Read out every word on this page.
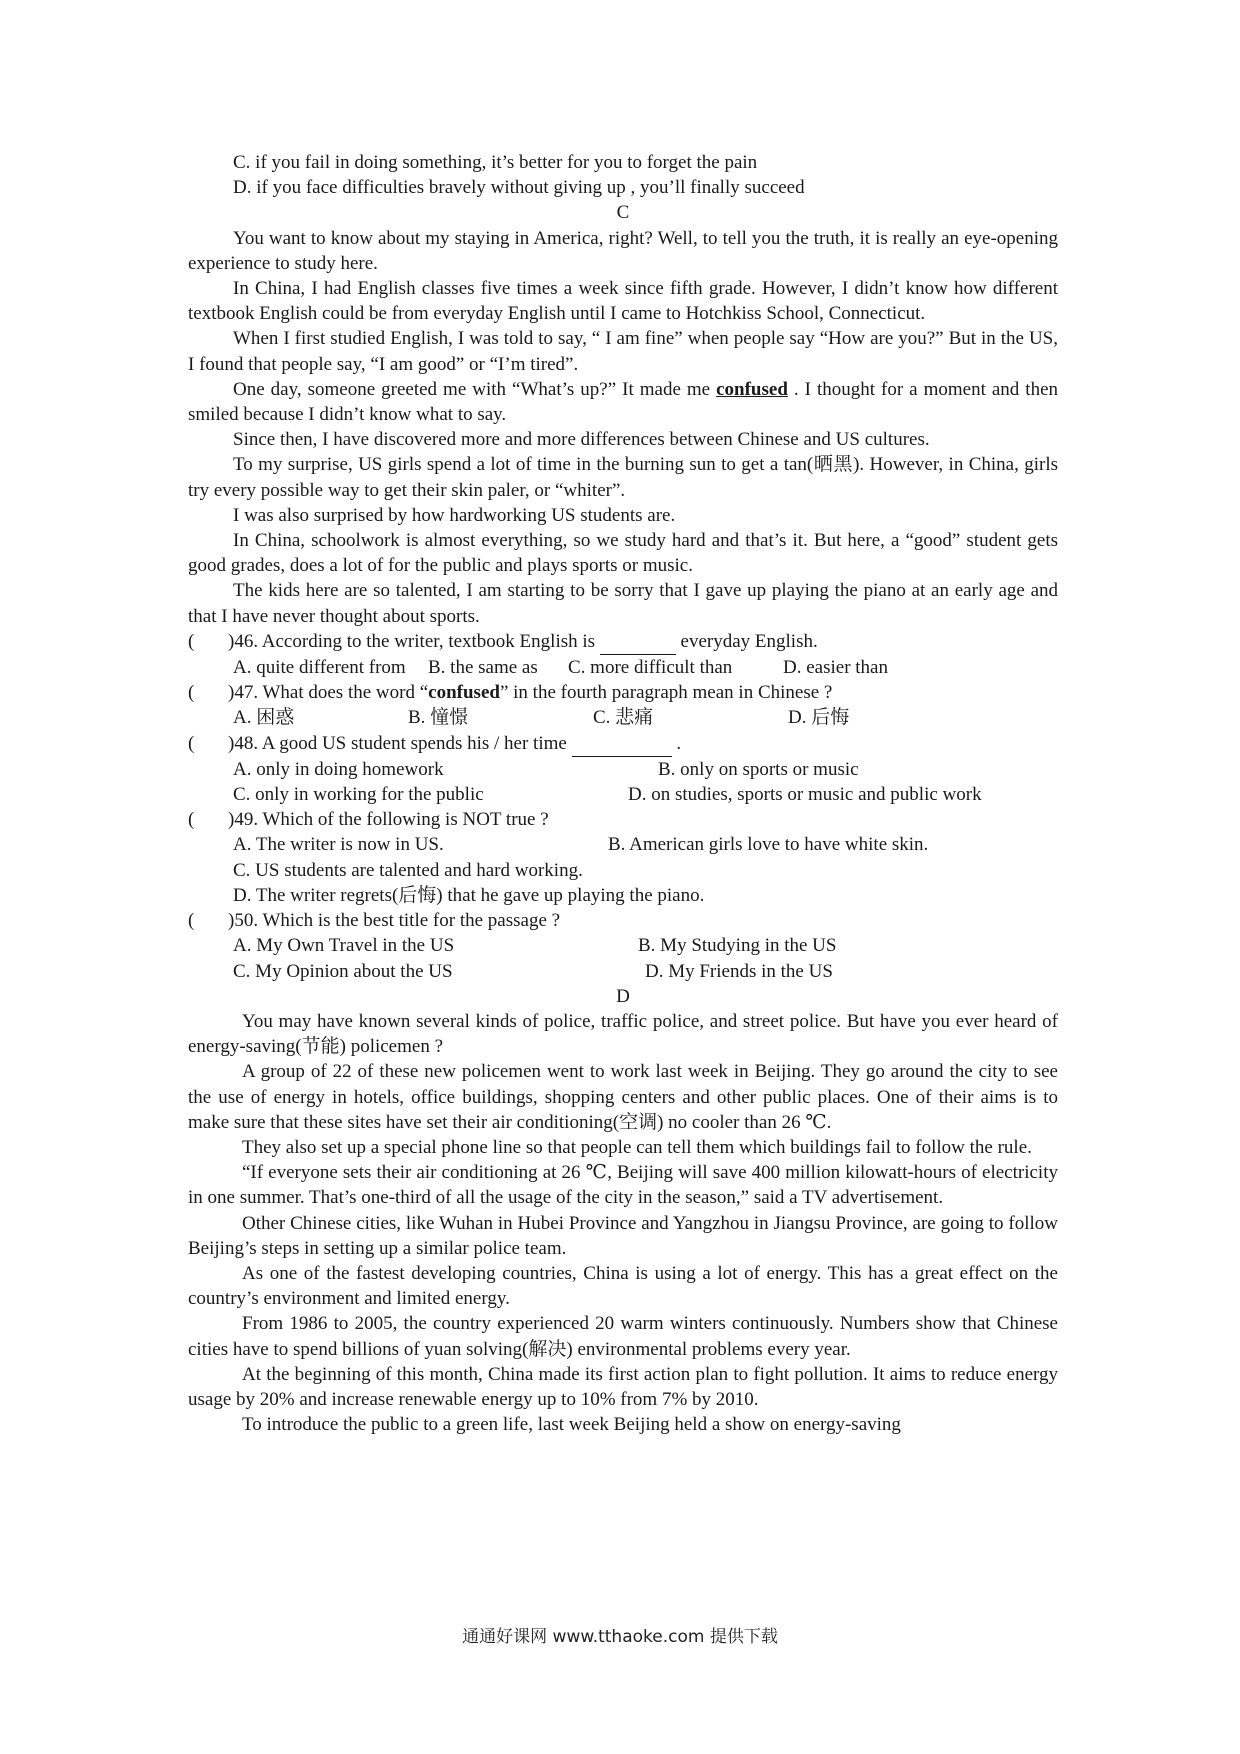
C. if you fail in doing something, it’s better for you to forget the pain
D. if you face difficulties bravely without giving up , you’ll finally succeed
C
You want to know about my staying in America, right? Well, to tell you the truth, it is really an eye-opening experience to study here.
In China, I had English classes five times a week since fifth grade. However, I didn’t know how different textbook English could be from everyday English until I came to Hotchkiss School, Connecticut.
When I first studied English, I was told to say, “ I am fine” when people say “How are you?” But in the US, I found that people say, “I am good” or “I’m tired”.
One day, someone greeted me with “What’s up?” It made me confused . I thought for a moment and then smiled because I didn’t know what to say.
Since then, I have discovered more and more differences between Chinese and US cultures.
To my surprise, US girls spend a lot of time in the burning sun to get a tan(晒黑). However, in China, girls try every possible way to get their skin paler, or “whiter”.
I was also surprised by how hardworking US students are.
In China, schoolwork is almost everything, so we study hard and that’s it. But here, a “good” student gets good grades, does a lot of for the public and plays sports or music.
The kids here are so talented, I am starting to be sorry that I gave up playing the piano at an early age and that I have never thought about sports.
(	)46. According to the writer, textbook English is	everyday English.
A. quite different from	B. the same as	C. more difficult than	D. easier than
(	)47. What does the word “confused” in the fourth paragraph mean in Chinese ?
A. 困惑	B. 憧憬	C. 悲痛	D. 后悔
(	)48. A good US student spends his / her time	.
A. only in doing homework	B. only on sports or music
C. only in working for the public	D. on studies, sports or music and public work
(	)49. Which of the following is NOT true ?
A. The writer is now in US.	B. American girls love to have white skin.
C. US students are talented and hard working.
D. The writer regrets(后悔) that he gave up playing the piano.
(	)50. Which is the best title for the passage ?
A. My Own Travel in the US	B. My Studying in the US
C. My Opinion about the US	D. My Friends in the US
D
You may have known several kinds of police, traffic police, and street police. But have you ever heard of energy-saving(节能) policemen ?
A group of 22 of these new policemen went to work last week in Beijing. They go around the city to see the use of energy in hotels, office buildings, shopping centers and other public places. One of their aims is to make sure that these sites have set their air conditioning(空调) no cooler than 26 ℃.
They also set up a special phone line so that people can tell them which buildings fail to follow the rule.
“If everyone sets their air conditioning at 26 ℃, Beijing will save 400 million kilowatt-hours of electricity in one summer. That’s one-third of all the usage of the city in the season,” said a TV advertisement.
Other Chinese cities, like Wuhan in Hubei Province and Yangzhou in Jiangsu Province, are going to follow Beijing’s steps in setting up a similar police team.
As one of the fastest developing countries, China is using a lot of energy. This has a great effect on the country’s environment and limited energy.
From 1986 to 2005, the country experienced 20 warm winters continuously. Numbers show that Chinese cities have to spend billions of yuan solving(解决) environmental problems every year.
At the beginning of this month, China made its first action plan to fight pollution. It aims to reduce energy usage by 20% and increase renewable energy up to 10% from 7% by 2010.
To introduce the public to a green life, last week Beijing held a show on energy-saving
通通好课网 www.tthaoke.com 提供下载
